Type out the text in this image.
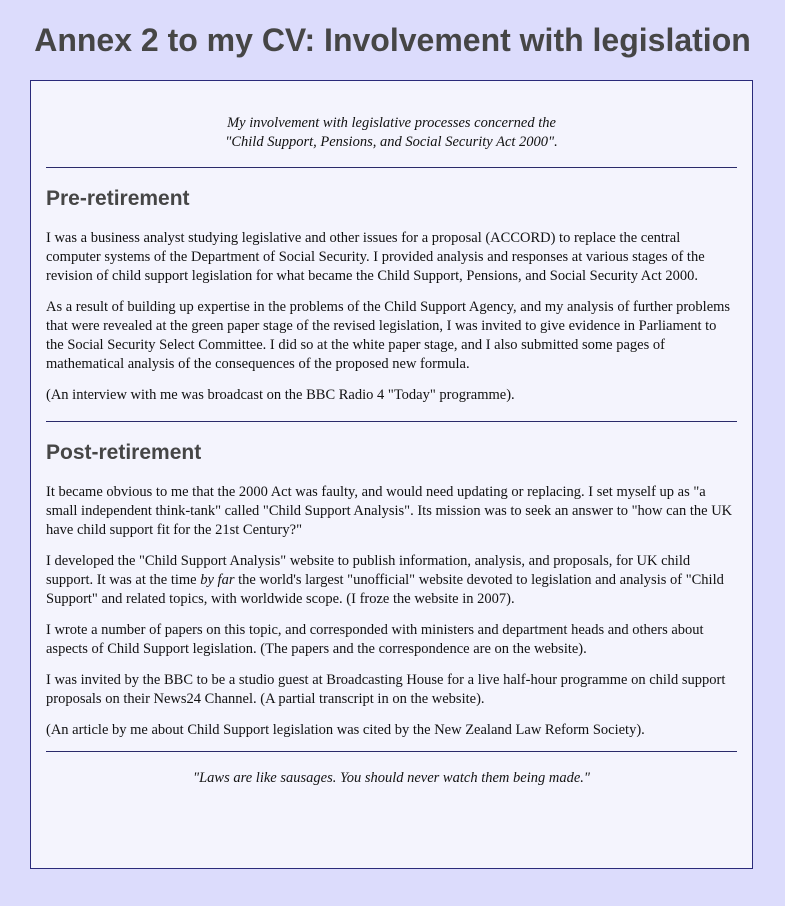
Annex 2 to my CV: Involvement with legislation
My involvement with legislative processes concerned the
"Child Support, Pensions, and Social Security Act 2000".
Pre-retirement

I was a business analyst studying legislative and other issues for a proposal (ACCORD) to replace the central computer systems of the Department of Social Security. I provided analysis and responses at various stages of the revision of child support legislation for what became the Child Support, Pensions, and Social Security Act 2000.

As a result of building up expertise in the problems of the Child Support Agency, and my analysis of further problems that were revealed at the green paper stage of the revised legislation, I was invited to give evidence in Parliament to the Social Security Select Committee. I did so at the white paper stage, and I also submitted some pages of mathematical analysis of the consequences of the proposed new formula.

(An interview with me was broadcast on the BBC Radio 4 "Today" programme).

Post-retirement

It became obvious to me that the 2000 Act was faulty, and would need updating or replacing. I set myself up as "a small independent think-tank" called "Child Support Analysis". Its mission was to seek an answer to "how can the UK have child support fit for the 21st Century?"

I developed the "Child Support Analysis" website to publish information, analysis, and proposals, for UK child support. It was at the time by far the world's largest "unofficial" website devoted to legislation and analysis of "Child Support" and related topics, with worldwide scope. (I froze the website in 2007).

I wrote a number of papers on this topic, and corresponded with ministers and department heads and others about aspects of Child Support legislation. (The papers and the correspondence are on the website).

I was invited by the BBC to be a studio guest at Broadcasting House for a live half-hour programme on child support proposals on their News24 Channel. (A partial transcript in on the website).

(An article by me about Child Support legislation was cited by the New Zealand Law Reform Society).

"Laws are like sausages. You should never watch them being made."
